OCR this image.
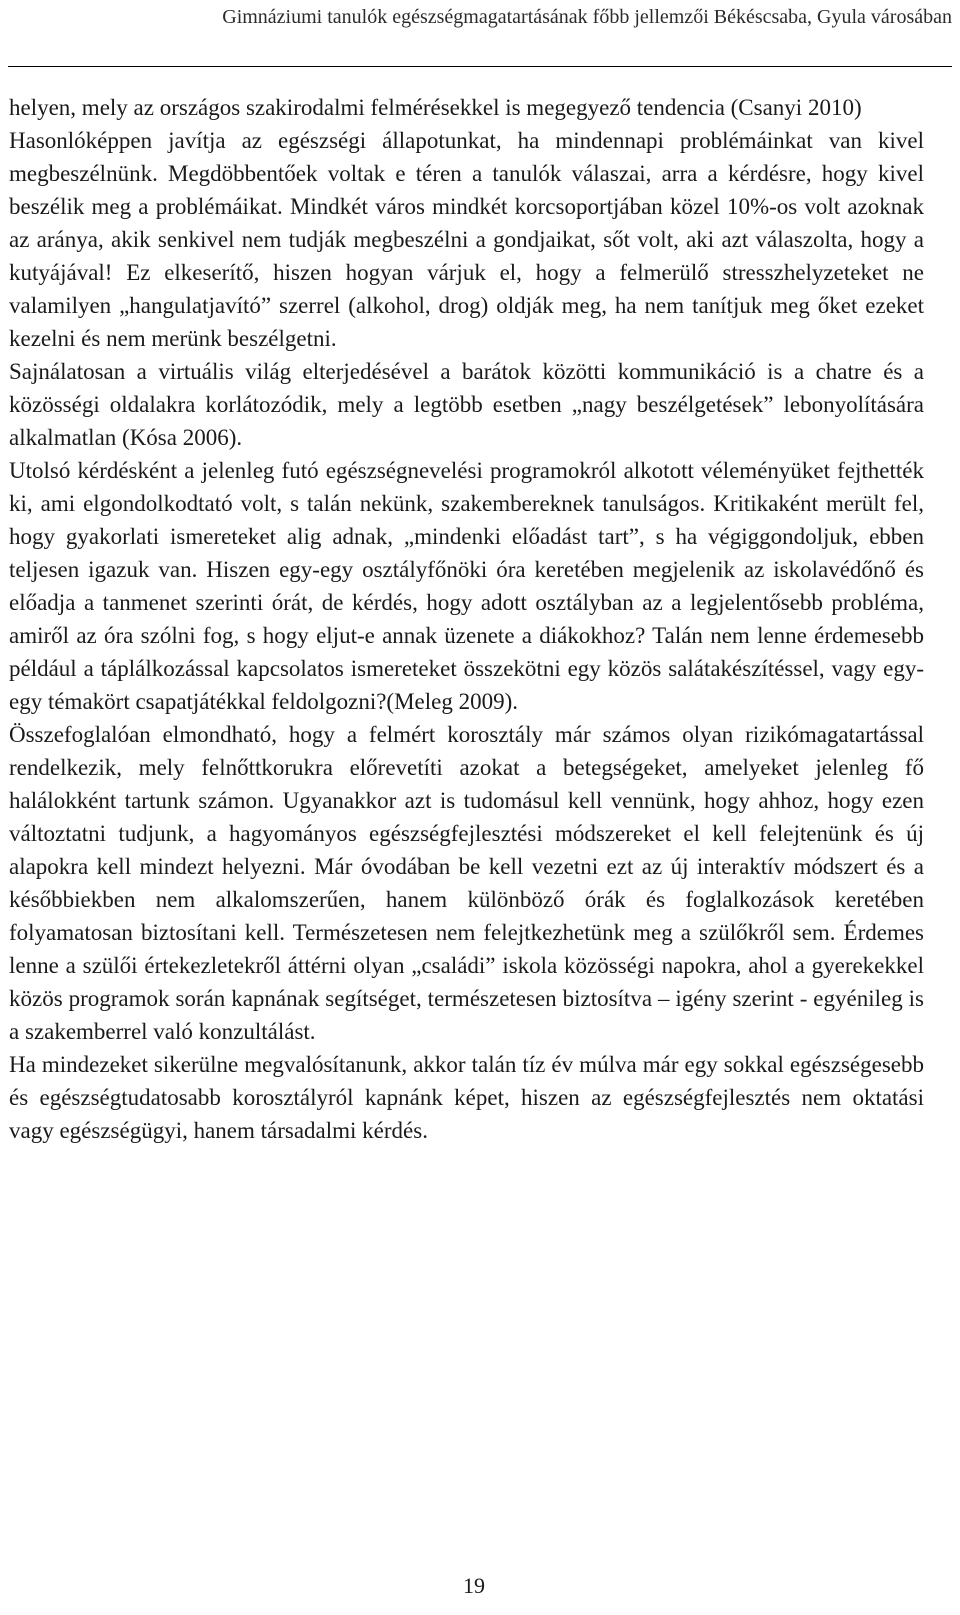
Gimnáziumi tanulók egészségmagatartásának főbb jellemzői Békéscsaba, Gyula városában

helyen, mely az országos szakirodalmi felmérésekkel is megegyező tendencia (Csanyi 2010)

Hasonlóképpen javítja az egészségi állapotunkat, ha mindennapi problémáinkat van kivel megbeszélnünk. Megdöbbentőek voltak e téren a tanulók válaszai, arra a kérdésre, hogy kivel beszélik meg a problémáikat. Mindkét város mindkét korcsoportjában közel 10%-os volt azoknak az aránya, akik senkivel nem tudják megbeszélni a gondjaikat, sőt volt, aki azt válaszolta, hogy a kutyájával! Ez elkeserítő, hiszen hogyan várjuk el, hogy a felmerülő stresszhelyzeteket ne valamilyen „hangulatjavító” szerrel (alkohol, drog) oldják meg, ha nem tanítjuk meg őket ezeket kezelni és nem merünk beszélgetni.

Sajnálatosan a virtuális világ elterjedésével a barátok közötti kommunikáció is a chatre és a közösségi oldalakra korlátozódik, mely a legtöbb esetben „nagy beszélgetések” lebonyolítására alkalmatlan (Kósa 2006).

Utolsó kérdésként a jelenleg futó egészségnevelési programokról alkotott véleményüket fejthették ki, ami elgondolkodtató volt, s talán nekünk, szakembereknek tanulságos. Kritikaként merült fel, hogy gyakorlati ismereteket alig adnak, „mindenki előadást tart”, s ha végiggondoljuk, ebben teljesen igazuk van. Hiszen egy-egy osztályfőnöki óra keretében megjelenik az iskolavédőnő és előadja a tanmenet szerinti órát, de kérdés, hogy adott osztályban az a legjelentősebb probléma, amiről az óra szólni fog, s hogy eljut-e annak üzenete a diákokhoz? Talán nem lenne érdemesebb például a táplálkozással kapcsolatos ismereteket összekötni egy közös salátakészítéssel, vagy egy-egy témakört csapatjátékkal feldolgozni?(Meleg 2009).

Összefoglalóan elmondható, hogy a felmért korosztály már számos olyan rizikómagatartással rendelkezik, mely felnőttkorukra előrevetíti azokat a betegségeket, amelyeket jelenleg fő halálokként tartunk számon. Ugyanakkor azt is tudomásul kell vennünk, hogy ahhoz, hogy ezen változtatni tudjunk, a hagyományos egészségfejlesztési módszereket el kell felejtenünk és új alapokra kell mindezt helyezni. Már óvodában be kell vezetni ezt az új interaktív módszert és a későbbiekben nem alkalomszerűen, hanem különböző órák és foglalkozások keretében folyamatosan biztosítani kell. Természetesen nem felejtkezhetünk meg a szülőkről sem. Érdemes lenne a szülői értekezletekről áttérni olyan „családi” iskola közösségi napokra, ahol a gyerekekkel közös programok során kapnának segítséget, természetesen biztosítva – igény szerint - egyénileg is a szakemberrel való konzultálást.

Ha mindezeket sikerülne megvalósítanunk, akkor talán tíz év múlva már egy sokkal egészségesebb és egészségtudatosabb korosztályról kapnánk képet, hiszen az egészségfejlesztés nem oktatási vagy egészségügyi, hanem társadalmi kérdés.

19
